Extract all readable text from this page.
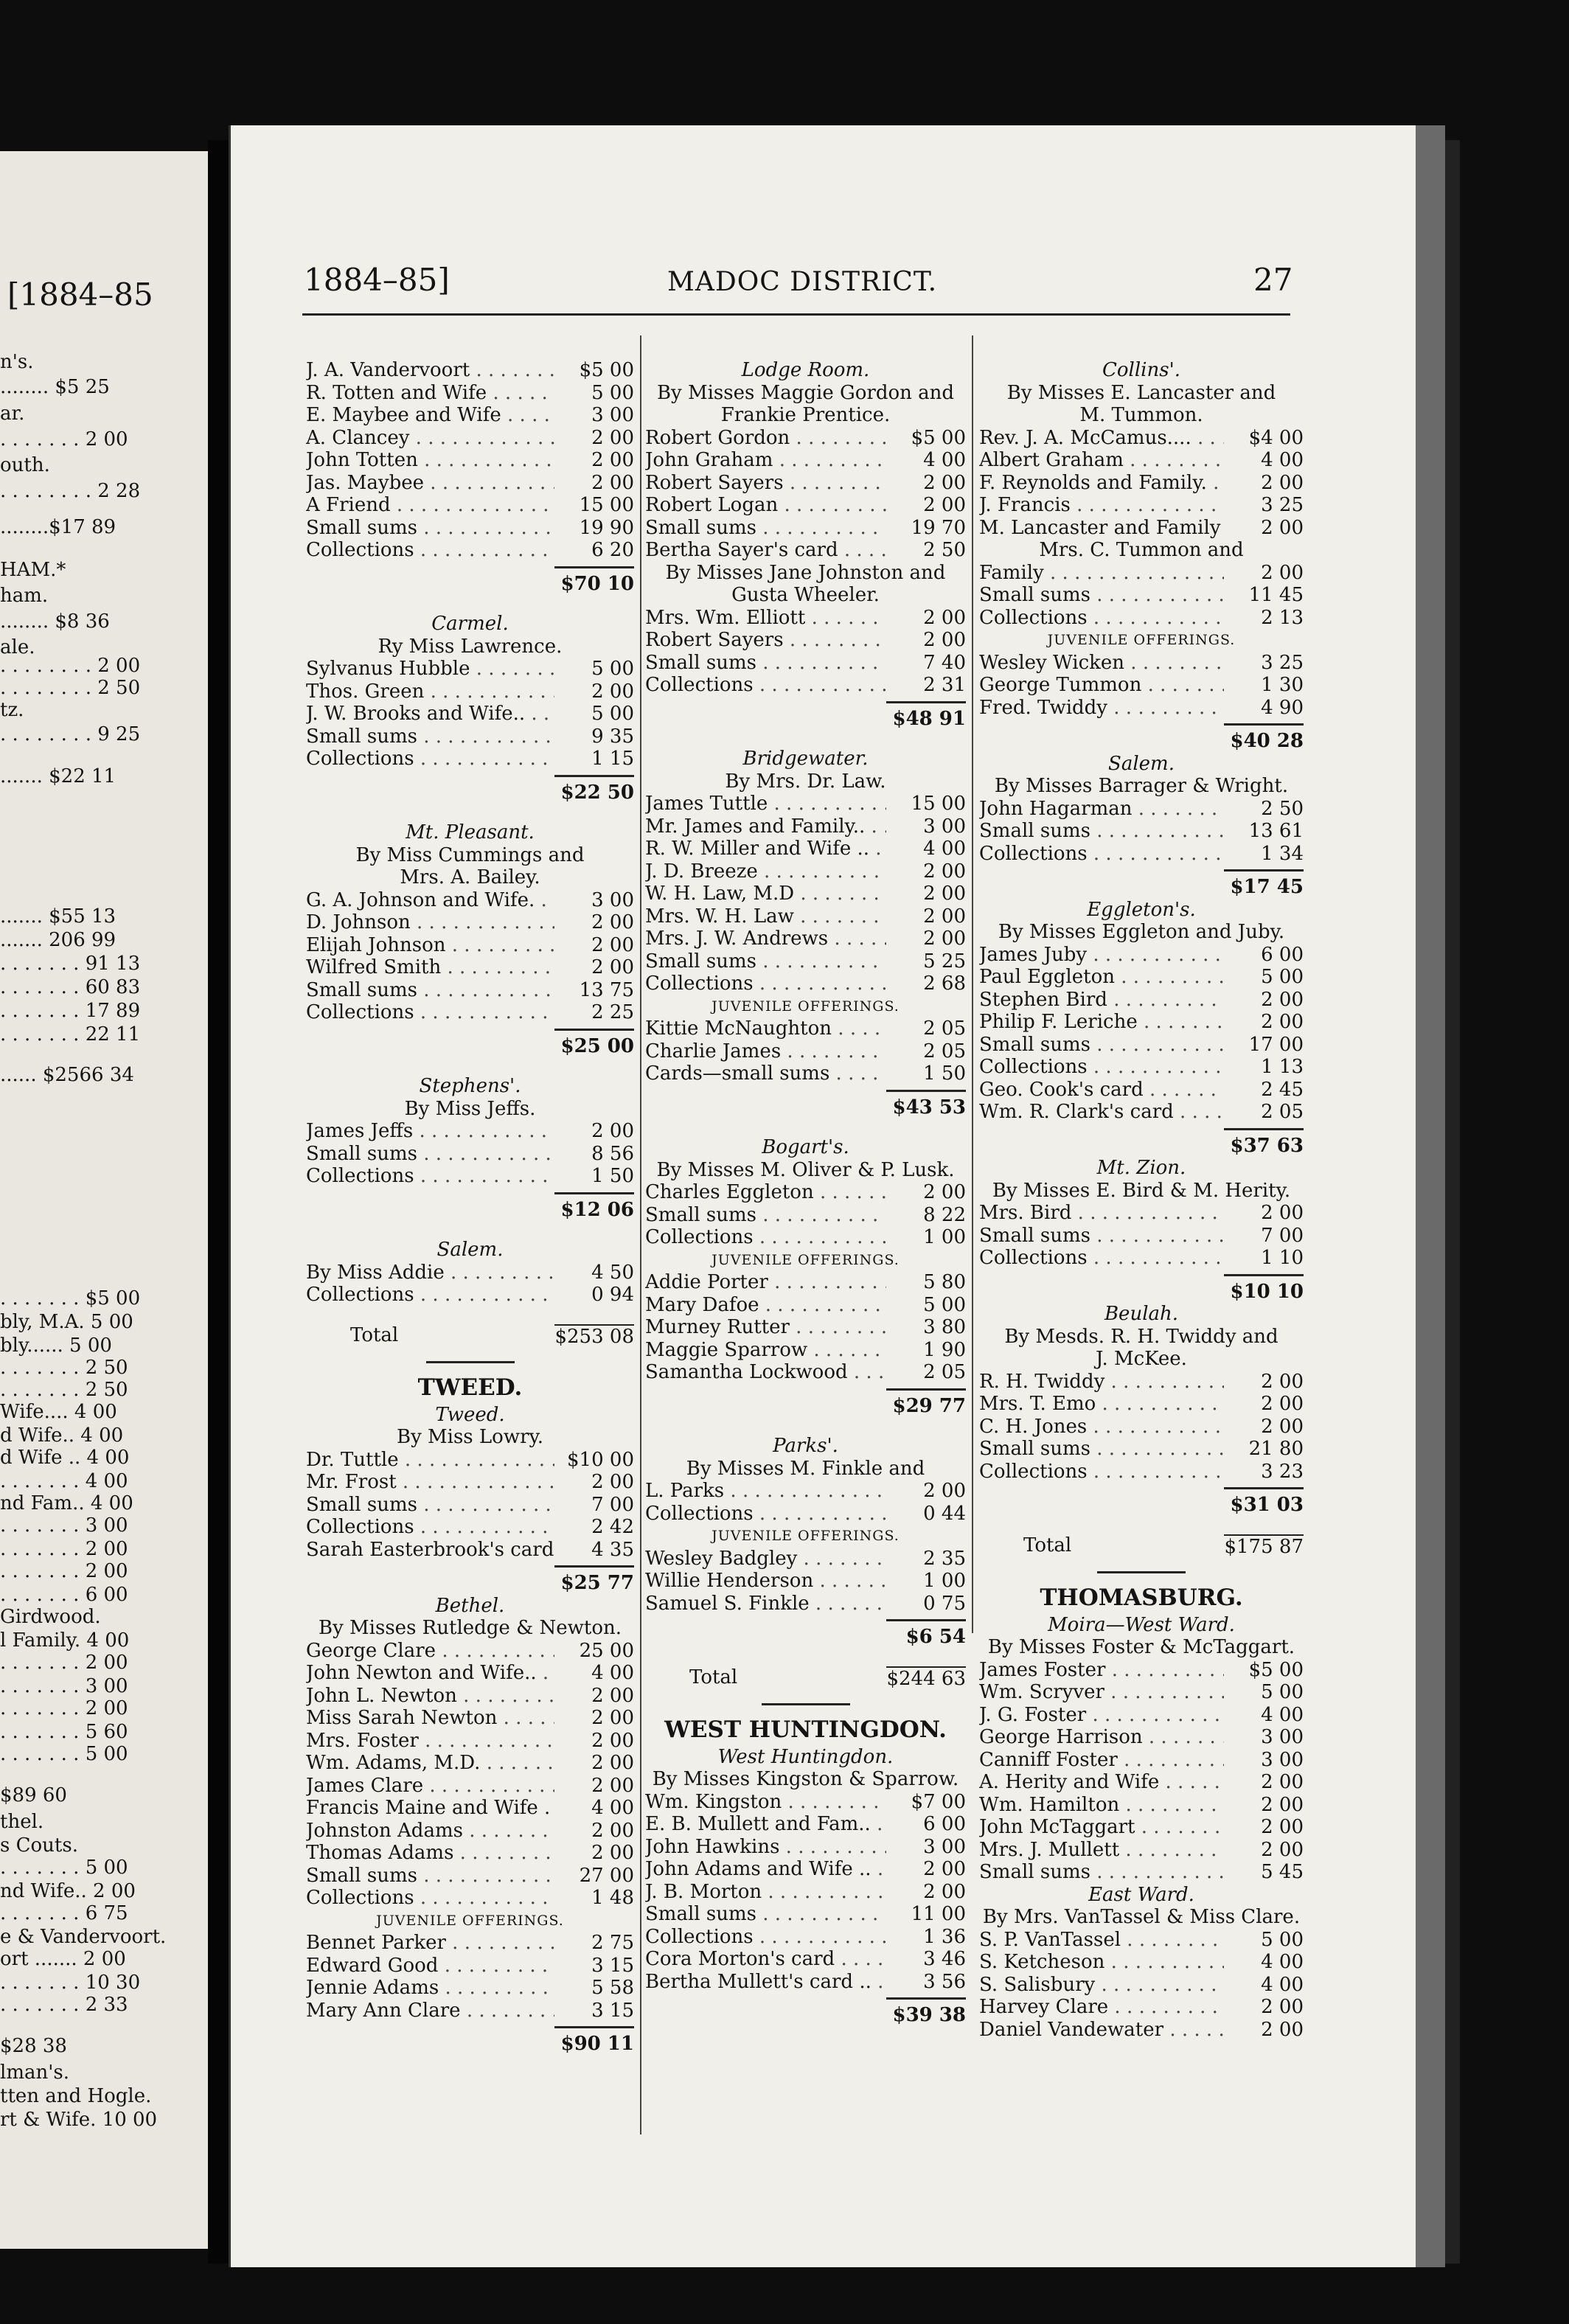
[1884–85
n's.
........ $5 25
ar.
. . . . . . . 2 00
outh.
. . . . . . . . 2 28
........$17 89
HAM.*
ham.
........ $8 36
ale.
. . . . . . . . 2 00
. . . . . . . . 2 50
tz.
. . . . . . . . 9 25
....... $22 11
....... $55 13
....... 206 99
. . . . . . . 91 13
. . . . . . . 60 83
. . . . . . . 17 89
. . . . . . . 22 11
...... $2566 34
. . . . . . . $5 00
bly, M.A. 5 00
bly...... 5 00
. . . . . . . 2 50
. . . . . . . 2 50
Wife.... 4 00
d Wife.. 4 00
d Wife .. 4 00
. . . . . . . 4 00
nd Fam.. 4 00
. . . . . . . 3 00
. . . . . . . 2 00
. . . . . . . 2 00
. . . . . . . 6 00
Girdwood.
l Family. 4 00
. . . . . . . 2 00
. . . . . . . 3 00
. . . . . . . 2 00
. . . . . . . 5 60
. . . . . . . 5 00
$89 60
thel.
s Couts.
. . . . . . . 5 00
nd Wife.. 2 00
. . . . . . . 6 75
e & Vandervoort.
ort ....... 2 00
. . . . . . . 10 30
. . . . . . . 2 33
$28 38
lman's.
tten and Hogle.
rt & Wife. 10 00
1884–85]	MADOC DISTRICT.	27
J. A. Vandervoort . . .	$5 00
R. Totten and Wife . . .	5 00
E. Maybee and Wife . . .	3 00
A. Clancey . . .	2 00
John Totten . . .	2 00
Jas. Maybee . . .	2 00
A Friend . . .	15 00
Small sums . . .	19 90
Collections . . .	6 20
$70 10
Carmel.
Ry Miss Lawrence.
Sylvanus Hubble . . .	5 00
Thos. Green . . .	2 00
J. W. Brooks and Wife.. . . .	5 00
Small sums . . .	9 35
Collections . . .	1 15
$22 50
Mt. Pleasant.
By Miss Cummings and
Mrs. A. Bailey.
G. A. Johnson and Wife. . . .	3 00
D. Johnson . . .	2 00
Elijah Johnson . . .	2 00
Wilfred Smith . . .	2 00
Small sums . . .	13 75
Collections . . .	2 25
$25 00
Stephens'.
By Miss Jeffs.
James Jeffs . . .	2 00
Small sums . . .	8 56
Collections . . .	1 50
$12 06
Salem.
By Miss Addie . . .	4 50
Collections . . .	0 94
Total	$253 08
TWEED.
Tweed.
By Miss Lowry.
Dr. Tuttle . . .	$10 00
Mr. Frost . . .	2 00
Small sums . . .	7 00
Collections . . .	2 42
Sarah Easterbrook's card . . .	4 35
$25 77
Bethel.
By Misses Rutledge & Newton.
George Clare . . .	25 00
John Newton and Wife.. . . .	4 00
John L. Newton . . .	2 00
Miss Sarah Newton . . .	2 00
Mrs. Foster . . .	2 00
Wm. Adams, M.D. . . .	2 00
James Clare . . .	2 00
Francis Maine and Wife . . . .	4 00
Johnston Adams . . .	2 00
Thomas Adams . . .	2 00
Small sums . . .	27 00
Collections . . .	1 48
JUVENILE OFFERINGS.
Bennet Parker . . .	2 75
Edward Good . . .	3 15
Jennie Adams . . .	5 58
Mary Ann Clare . . .	3 15
$90 11
Lodge Room.
By Misses Maggie Gordon and
Frankie Prentice.
Robert Gordon . . .	$5 00
John Graham . . .	4 00
Robert Sayers . . .	2 00
Robert Logan . . .	2 00
Small sums . . .	19 70
Bertha Sayer's card . . .	2 50
By Misses Jane Johnston and
Gusta Wheeler.
Mrs. Wm. Elliott . . .	2 00
Robert Sayers . . .	2 00
Small sums . . .	7 40
Collections . . .	2 31
$48 91
Bridgewater.
By Mrs. Dr. Law.
James Tuttle . . .	15 00
Mr. James and Family.. . . .	3 00
R. W. Miller and Wife .. . . .	4 00
J. D. Breeze . . .	2 00
W. H. Law, M.D . . .	2 00
Mrs. W. H. Law . . .	2 00
Mrs. J. W. Andrews . . .	2 00
Small sums . . .	5 25
Collections . . .	2 68
JUVENILE OFFERINGS.
Kittie McNaughton . . .	2 05
Charlie James . . .	2 05
Cards—small sums . . .	1 50
$43 53
Bogart's.
By Misses M. Oliver & P. Lusk.
Charles Eggleton . . .	2 00
Small sums . . .	8 22
Collections . . .	1 00
JUVENILE OFFERINGS.
Addie Porter . . .	5 80
Mary Dafoe . . .	5 00
Murney Rutter . . .	3 80
Maggie Sparrow . . .	1 90
Samantha Lockwood . . .	2 05
$29 77
Parks'.
By Misses M. Finkle and
L. Parks . . .	2 00
Collections . . .	0 44
JUVENILE OFFERINGS.
Wesley Badgley . . .	2 35
Willie Henderson . . .	1 00
Samuel S. Finkle . . .	0 75
$6 54
Total	$244 63
WEST HUNTINGDON.
West Huntingdon.
By Misses Kingston & Sparrow.
Wm. Kingston . . .	$7 00
E. B. Mullett and Fam.. . . .	6 00
John Hawkins . . .	3 00
John Adams and Wife .. . . .	2 00
J. B. Morton . . .	2 00
Small sums . . .	11 00
Collections . . .	1 36
Cora Morton's card . . .	3 46
Bertha Mullett's card .. . . .	3 56
$39 38
Collins'.
By Misses E. Lancaster and
M. Tummon.
Rev. J. A. McCamus.... . . .	$4 00
Albert Graham . . .	4 00
F. Reynolds and Family. . . .	2 00
J. Francis . . .	3 25
M. Lancaster and Family . . .	2 00
Mrs. C. Tummon and
Family . . .	2 00
Small sums . . .	11 45
Collections . . .	2 13
JUVENILE OFFERINGS.
Wesley Wicken . . .	3 25
George Tummon . . .	1 30
Fred. Twiddy . . .	4 90
$40 28
Salem.
By Misses Barrager & Wright.
John Hagarman . . .	2 50
Small sums . . .	13 61
Collections . . .	1 34
$17 45
Eggleton's.
By Misses Eggleton and Juby.
James Juby . . .	6 00
Paul Eggleton . . .	5 00
Stephen Bird . . .	2 00
Philip F. Leriche . . .	2 00
Small sums . . .	17 00
Collections . . .	1 13
Geo. Cook's card . . .	2 45
Wm. R. Clark's card . . .	2 05
$37 63
Mt. Zion.
By Misses E. Bird & M. Herity.
Mrs. Bird . . .	2 00
Small sums . . .	7 00
Collections . . .	1 10
$10 10
Beulah.
By Mesds. R. H. Twiddy and
J. McKee.
R. H. Twiddy . . .	2 00
Mrs. T. Emo . . .	2 00
C. H. Jones . . .	2 00
Small sums . . .	21 80
Collections . . .	3 23
$31 03
Total	$175 87
THOMASBURG.
Moira—West Ward.
By Misses Foster & McTaggart.
James Foster . . .	$5 00
Wm. Scryver . . .	5 00
J. G. Foster . . .	4 00
George Harrison . . .	3 00
Canniff Foster . . .	3 00
A. Herity and Wife . . .	2 00
Wm. Hamilton . . .	2 00
John McTaggart . . .	2 00
Mrs. J. Mullett . . .	2 00
Small sums . . .	5 45
East Ward.
By Mrs. VanTassel & Miss Clare.
S. P. VanTassel . . .	5 00
S. Ketcheson . . .	4 00
S. Salisbury . . .	4 00
Harvey Clare . . .	2 00
Daniel Vandewater . . .	2 00
